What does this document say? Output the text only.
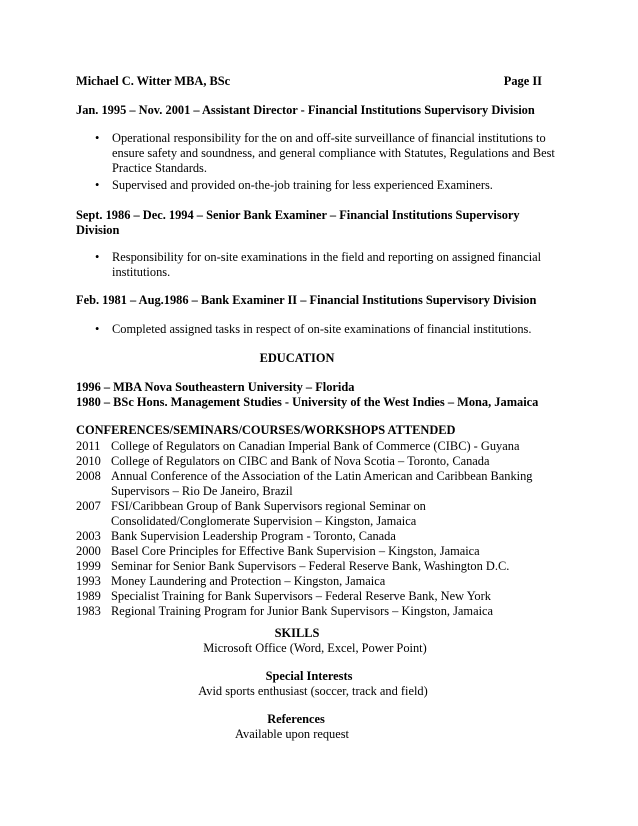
Michael C. Witter MBA, BSc	Page II
Jan. 1995 – Nov. 2001 – Assistant Director - Financial Institutions Supervisory Division
• Operational responsibility for the on and off-site surveillance of financial institutions to ensure safety and soundness, and general compliance with Statutes, Regulations and Best Practice Standards.
• Supervised and provided on-the-job training for less experienced Examiners.
Sept. 1986 – Dec. 1994 – Senior Bank Examiner – Financial Institutions Supervisory Division
• Responsibility for on-site examinations in the field and reporting on assigned financial institutions.
Feb. 1981 – Aug.1986 – Bank Examiner II – Financial Institutions Supervisory Division
• Completed assigned tasks in respect of on-site examinations of financial institutions.
EDUCATION
1996 – MBA Nova Southeastern University – Florida
1980 – BSc Hons. Management Studies - University of the West Indies – Mona, Jamaica
CONFERENCES/SEMINARS/COURSES/WORKSHOPS ATTENDED
2011 College of Regulators on Canadian Imperial Bank of Commerce (CIBC) - Guyana
2010 College of Regulators on CIBC and Bank of Nova Scotia – Toronto, Canada
2008 Annual Conference of the Association of the Latin American and Caribbean Banking Supervisors – Rio De Janeiro, Brazil
2007 FSI/Caribbean Group of Bank Supervisors regional Seminar on Consolidated/Conglomerate Supervision – Kingston, Jamaica
2003 Bank Supervision Leadership Program - Toronto, Canada
2000 Basel Core Principles for Effective Bank Supervision – Kingston, Jamaica
1999 Seminar for Senior Bank Supervisors – Federal Reserve Bank, Washington D.C.
1993 Money Laundering and Protection – Kingston, Jamaica
1989 Specialist Training for Bank Supervisors – Federal Reserve Bank, New York
1983 Regional Training Program for Junior Bank Supervisors – Kingston, Jamaica
SKILLS
Microsoft Office (Word, Excel, Power Point)
Special Interests
Avid sports enthusiast (soccer, track and field)
References
Available upon request
